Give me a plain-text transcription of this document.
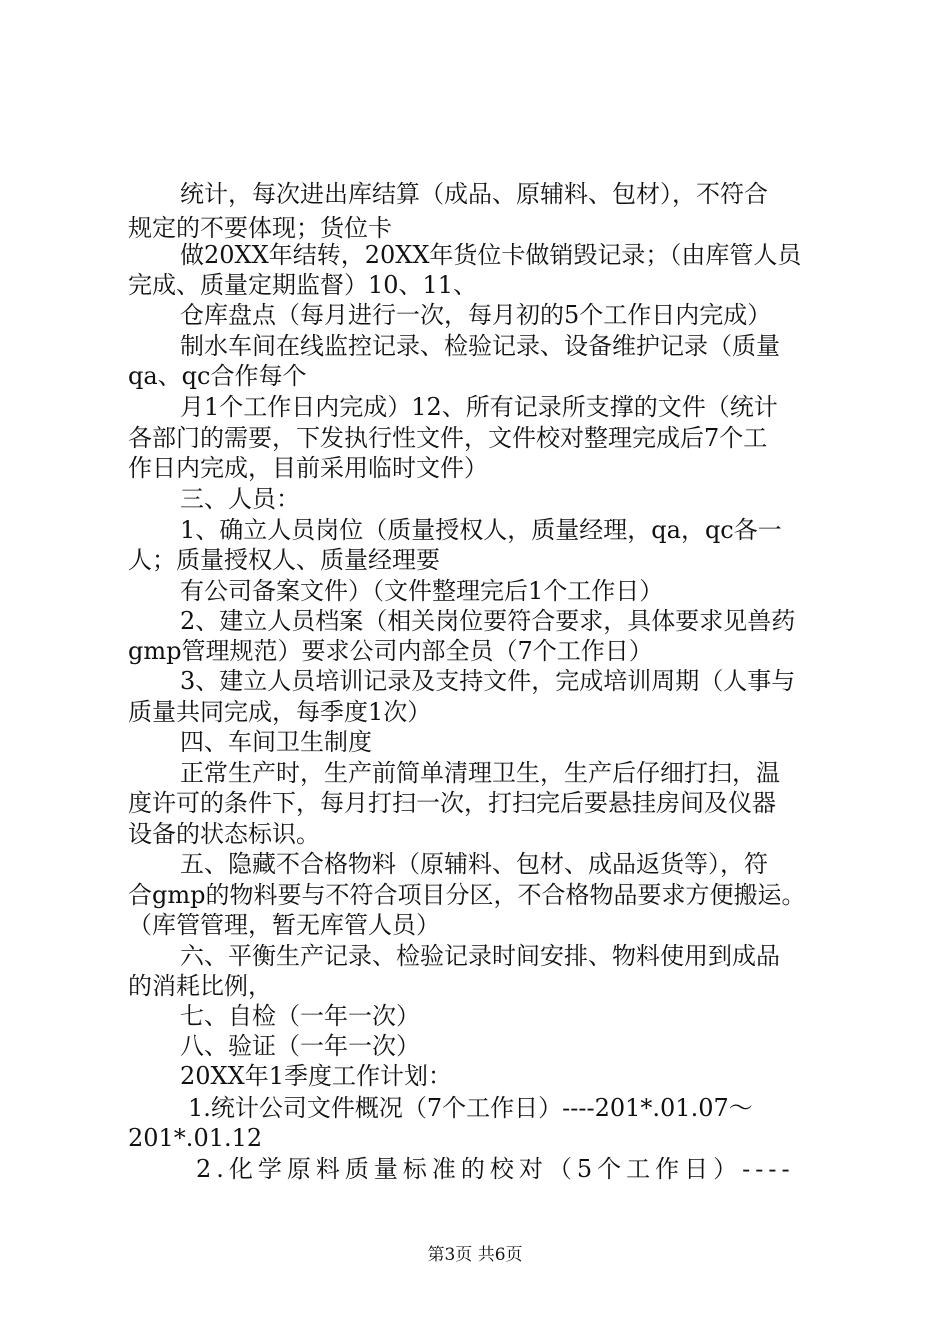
统计，每次进出库结算（成品、原辅料、包材），不符合
规定的不要体现；货位卡
做20XX年结转，20XX年货位卡做销毁记录；（由库管人员
完成、质量定期监督）10、11、
仓库盘点（每月进行一次，每月初的5个工作日内完成）
制水车间在线监控记录、检验记录、设备维护记录（质量
qa、qc合作每个
月1个工作日内完成）12、所有记录所支撑的文件（统计
各部门的需要，下发执行性文件，文件校对整理完成后7个工
作日内完成，目前采用临时文件）
三、人员：
1、确立人员岗位（质量授权人，质量经理，qa，qc各一
人；质量授权人、质量经理要
有公司备案文件）（文件整理完后1个工作日）
2、建立人员档案（相关岗位要符合要求，具体要求见兽药
gmp管理规范）要求公司内部全员（7个工作日）
3、建立人员培训记录及支持文件，完成培训周期（人事与
质量共同完成，每季度1次）
四、车间卫生制度
正常生产时，生产前简单清理卫生，生产后仔细打扫，温
度许可的条件下，每月打扫一次，打扫完后要悬挂房间及仪器
设备的状态标识。
五、隐藏不合格物料（原辅料、包材、成品返货等），符
合gmp的物料要与不符合项目分区，不合格物品要求方便搬运。
（库管管理，暂无库管人员）
六、平衡生产记录、检验记录时间安排、物料使用到成品
的消耗比例，
七、自检（一年一次）
八、验证（一年一次）
20XX年1季度工作计划：
1.统计公司文件概况（7个工作日）----201*.01.07～
201*.01.12
2.化学原料质量标准的校对（5个工作日）----
第3页 共6页
